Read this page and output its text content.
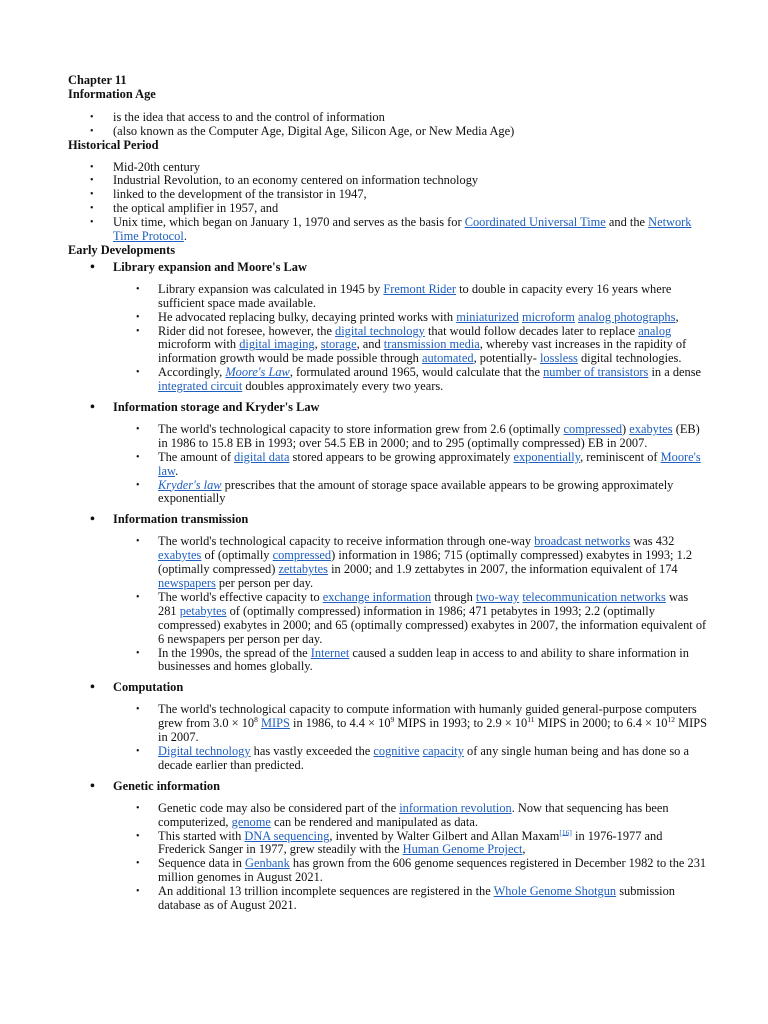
Chapter 11

Information Age

• is the idea that access to and the control of information
• (also known as the Computer Age, Digital Age, Silicon Age, or New Media Age)

Historical Period

• Mid-20th century
• Industrial Revolution, to an economy centered on information technology
• linked to the development of the transistor in 1947,
• the optical amplifier in 1957, and
• Unix time, which began on January 1, 1970 and serves as the basis for Coordinated Universal Time and the Network Time Protocol.

Early Developments

• Library expansion and Moore's Law
• Library expansion was calculated in 1945 by Fremont Rider to double in capacity every 16 years where sufficient space made available.
• He advocated replacing bulky, decaying printed works with miniaturized microform analog photographs,
• Rider did not foresee, however, the digital technology that would follow decades later to replace analog microform with digital imaging, storage, and transmission media, whereby vast increases in the rapidity of information growth would be made possible through automated, potentially- lossless digital technologies.
• Accordingly, Moore's Law, formulated around 1965, would calculate that the number of transistors in a dense integrated circuit doubles approximately every two years.
• Information storage and Kryder's Law
• The world's technological capacity to store information grew from 2.6 (optimally compressed) exabytes (EB) in 1986 to 15.8 EB in 1993; over 54.5 EB in 2000; and to 295 (optimally compressed) EB in 2007.
• The amount of digital data stored appears to be growing approximately exponentially, reminiscent of Moore's law.
• Kryder's law prescribes that the amount of storage space available appears to be growing approximately exponentially
• Information transmission
• The world's technological capacity to receive information through one-way broadcast networks was 432 exabytes of (optimally compressed) information in 1986; 715 (optimally compressed) exabytes in 1993; 1.2 (optimally compressed) zettabytes in 2000; and 1.9 zettabytes in 2007, the information equivalent of 174 newspapers per person per day.
• The world's effective capacity to exchange information through two-way telecommunication networks was 281 petabytes of (optimally compressed) information in 1986; 471 petabytes in 1993; 2.2 (optimally compressed) exabytes in 2000; and 65 (optimally compressed) exabytes in 2007, the information equivalent of 6 newspapers per person per day.
• In the 1990s, the spread of the Internet caused a sudden leap in access to and ability to share information in businesses and homes globally.
• Computation
• The world's technological capacity to compute information with humanly guided general-purpose computers grew from $3.0 \times 10^8$ MIPS in 1986, to $4.4 \times 10^9$ MIPS in 1993; to $2.9 \times 10^{11}$ MIPS in 2000; to $6.4 \times 10^{12}$ MIPS in 2007.
• Digital technology has vastly exceeded the cognitive capacity of any single human being and has done so a decade earlier than predicted.
• Genetic information
• Genetic code may also be considered part of the information revolution. Now that sequencing has been computerized, genome can be rendered and manipulated as data.
• This started with DNA sequencing, invented by Walter Gilbert and Allan Maxam[16] in 1976-1977 and Frederick Sanger in 1977, grew steadily with the Human Genome Project,
• Sequence data in Genbank has grown from the 606 genome sequences registered in December 1982 to the 231 million genomes in August 2021.
• An additional 13 trillion incomplete sequences are registered in the Whole Genome Shotgun submission database as of August 2021.
